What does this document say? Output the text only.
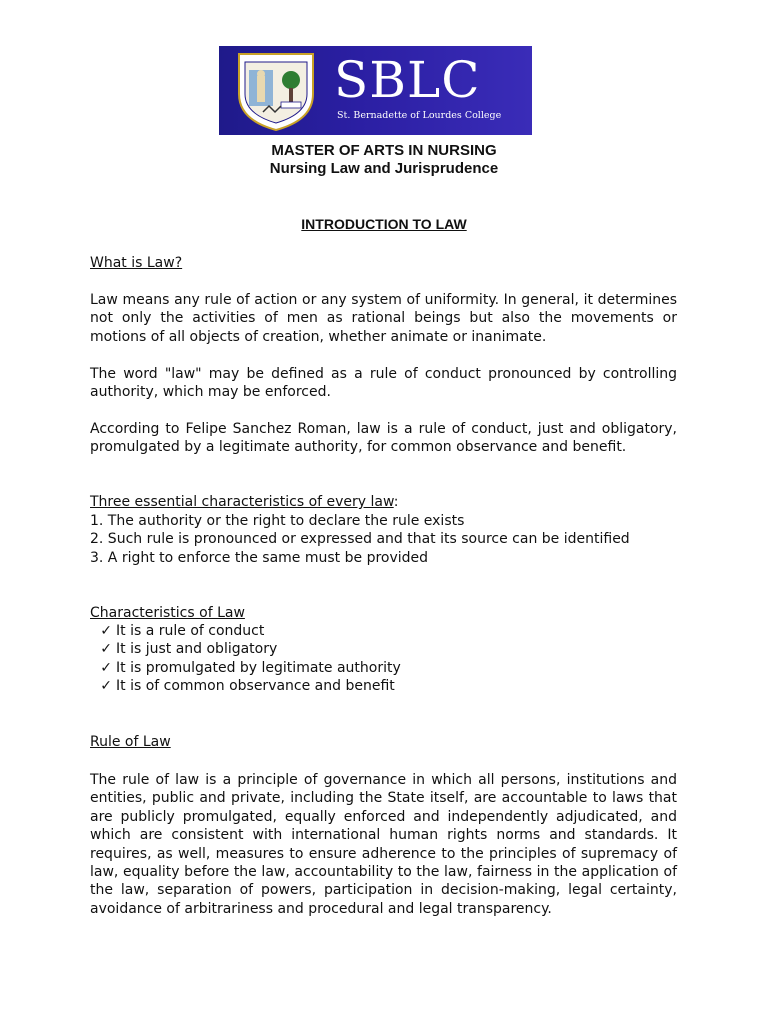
SBLC
St. Bernadette of Lourdes College
MASTER OF ARTS IN NURSING
Nursing Law and Jurisprudence
INTRODUCTION TO LAW
What is Law?
Law means any rule of action or any system of uniformity. In general, it determines not only the activities of men as rational beings but also the movements or motions of all objects of creation, whether animate or inanimate.
The word "law" may be defined as a rule of conduct pronounced by controlling authority, which may be enforced.
According to Felipe Sanchez Roman, law is a rule of conduct, just and obligatory, promulgated by a legitimate authority, for common observance and benefit.
Three essential characteristics of every law:
1. The authority or the right to declare the rule exists
2. Such rule is pronounced or expressed and that its source can be identified
3. A right to enforce the same must be provided
Characteristics of Law
✓ It is a rule of conduct
✓ It is just and obligatory
✓ It is promulgated by legitimate authority
✓ It is of common observance and benefit
Rule of Law
The rule of law is a principle of governance in which all persons, institutions and entities, public and private, including the State itself, are accountable to laws that are publicly promulgated, equally enforced and independently adjudicated, and which are consistent with international human rights norms and standards. It requires, as well, measures to ensure adherence to the principles of supremacy of law, equality before the law, accountability to the law, fairness in the application of the law, separation of powers, participation in decision-making, legal certainty, avoidance of arbitrariness and procedural and legal transparency.
